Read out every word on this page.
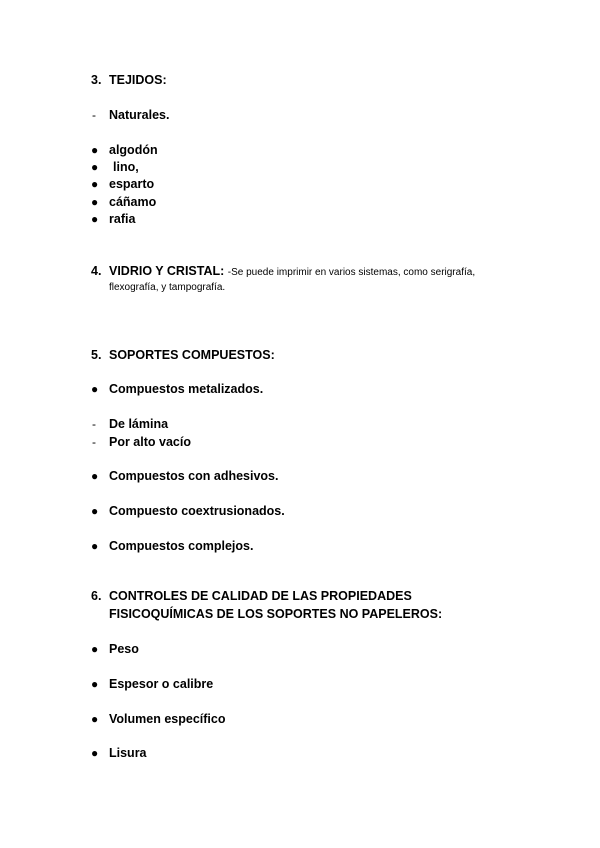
3. TEJIDOS:
- Naturales.
● algodón
● lino,
● esparto
● cáñamo
● rafia
4. VIDRIO Y CRISTAL: -Se puede imprimir en varios sistemas, como serigrafía,
flexografía, y tampografía.
5. SOPORTES COMPUESTOS:
● Compuestos metalizados.
- De lámina
- Por alto vacío
● Compuestos con adhesivos.
● Compuesto coextrusionados.
● Compuestos complejos.
6. CONTROLES DE CALIDAD DE LAS PROPIEDADES
FISICOQUÍMICAS DE LOS SOPORTES NO PAPELEROS:
● Peso
● Espesor o calibre
● Volumen específico
● Lisura
